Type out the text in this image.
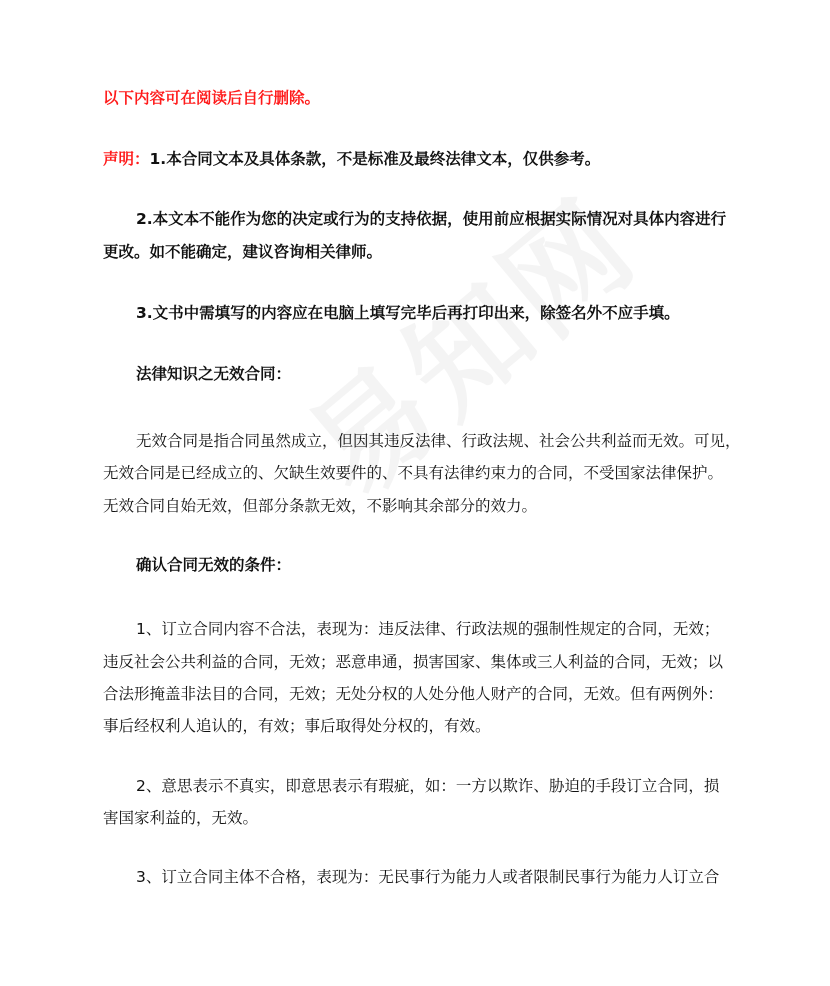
以下内容可在阅读后自行删除。
声明：1.本合同文本及具体条款，不是标准及最终法律文本，仅供参考。
2.本文本不能作为您的决定或行为的支持依据，使用前应根据实际情况对具体内容进行
更改。如不能确定，建议咨询相关律师。
3.文书中需填写的内容应在电脑上填写完毕后再打印出来，除签名外不应手填。
法律知识之无效合同：
无效合同是指合同虽然成立，但因其违反法律、行政法规、社会公共利益而无效。可见，
无效合同是已经成立的、欠缺生效要件的、不具有法律约束力的合同，不受国家法律保护。
无效合同自始无效，但部分条款无效，不影响其余部分的效力。
确认合同无效的条件：
1、订立合同内容不合法，表现为：违反法律、行政法规的强制性规定的合同，无效；
违反社会公共利益的合同，无效；恶意串通，损害国家、集体或三人利益的合同，无效；以
合法形掩盖非法目的合同，无效；无处分权的人处分他人财产的合同，无效。但有两例外：
事后经权利人追认的，有效；事后取得处分权的，有效。
2、意思表示不真实，即意思表示有瑕疵，如：一方以欺诈、胁迫的手段订立合同，损
害国家利益的，无效。
3、订立合同主体不合格，表现为：无民事行为能力人或者限制民事行为能力人订立合
